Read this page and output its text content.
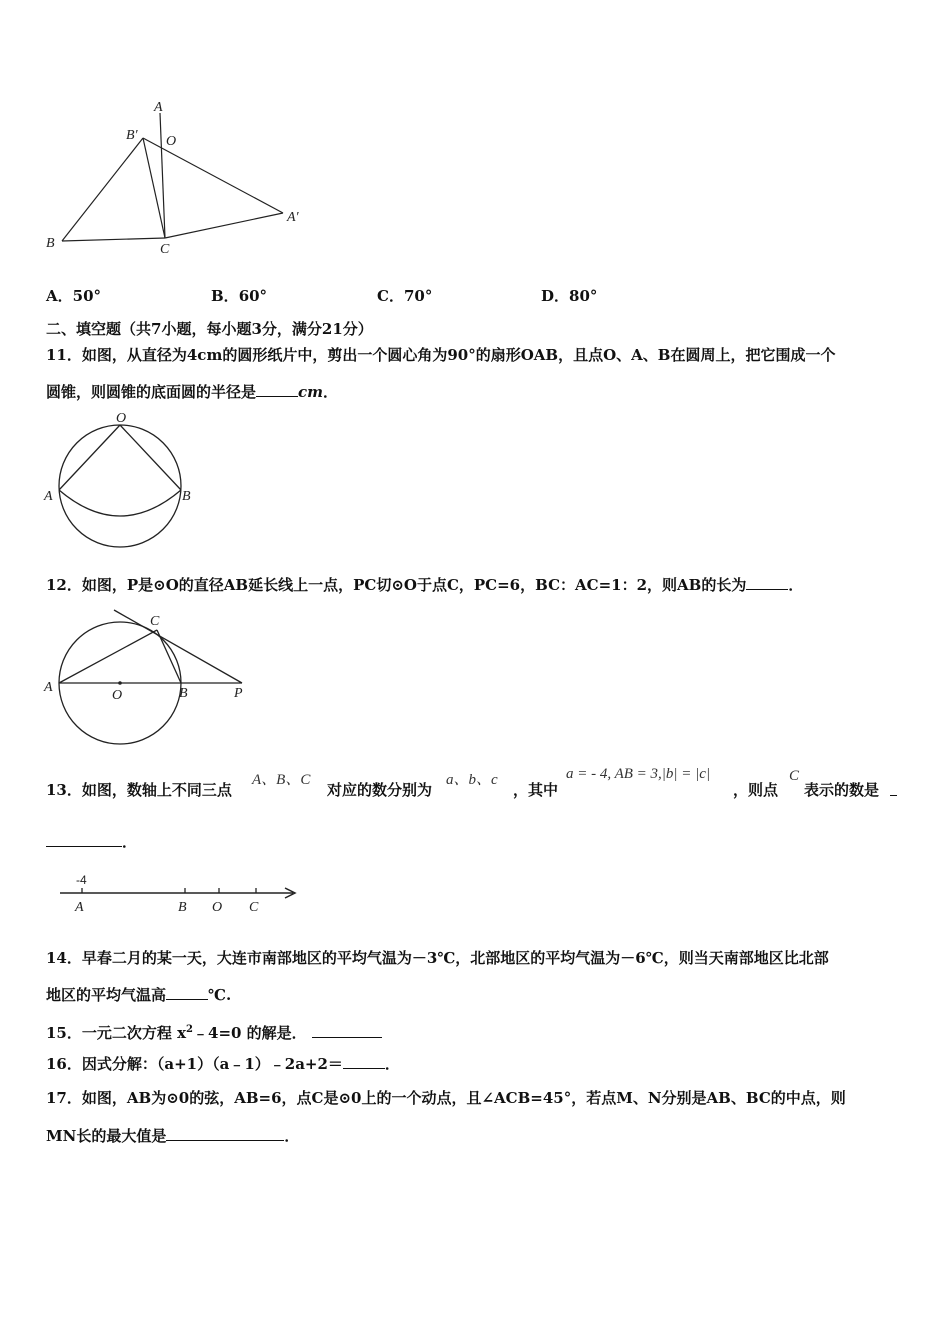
A
B′ O
B	C
A′
A．50°	B．60°	C．70°	D．80°
二、填空题（共7小题，每小题3分，满分21分）
11．如图，从直径为4cm的圆形纸片中，剪出一个圆心角为90°的扇形OAB，且点O、A、B在圆周上，把它围成一个
圆锥，则圆锥的底面圆的半径是	cm．
O
A	B
12．如图，P是⊙O的直径AB延长线上一点，PC切⊙O于点C，PC=6，BC：AC=1：2，则AB的长为	．
C
A
O	B	P
13．如图，数轴上不同三点
A、B、C
对应的数分别为
a、b、c
，其中
a = - 4, AB = 3,|b| = |c|
，则点
C
表示的数是
．
-4
A	B O C
14．早春二月的某一天，大连市南部地区的平均气温为－3℃，北部地区的平均气温为－6℃，则当天南部地区比北部
地区的平均气温高	℃.
15．一元二次方程 $x^2﹣4=0$ 的解是．
16．因式分解：（a+1）（a﹣1）﹣2a+2＝	．
17．如图，AB为⊙0的弦，AB=6，点C是⊙0上的一个动点，且∠ACB=45°，若点M、N分别是AB、BC的中点，则
MN长的最大值是	．
